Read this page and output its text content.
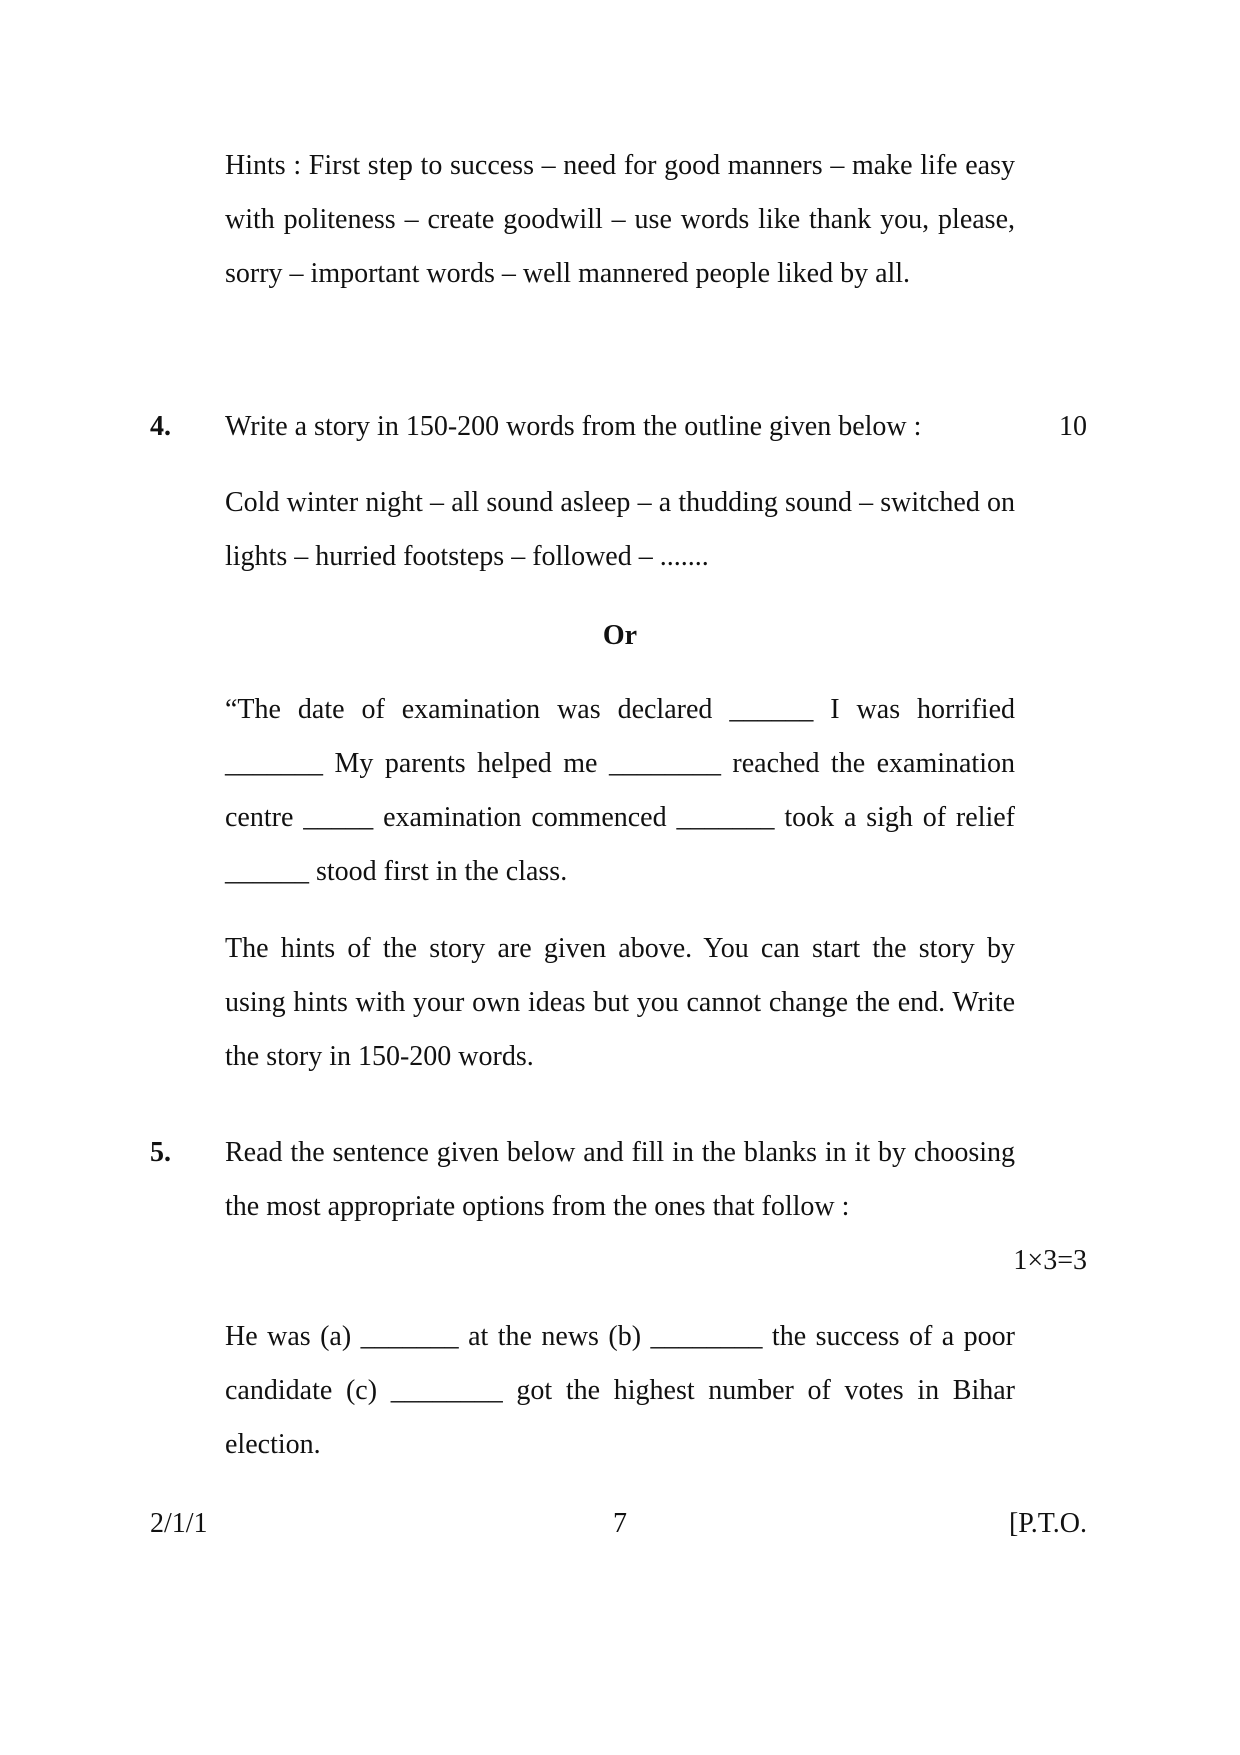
Hints : First step to success – need for good manners – make life easy with politeness – create goodwill – use words like thank you, please, sorry – important words – well mannered people liked by all.

4. Write a story in 150-200 words from the outline given below :	10

Cold winter night – all sound asleep – a thudding sound – switched on lights – hurried footsteps – followed – .......

Or

“The date of examination was declared ______ I was horrified _______ My parents helped me ________ reached the examination centre _____ examination commenced _______ took a sigh of relief ______ stood first in the class.

The hints of the story are given above. You can start the story by using hints with your own ideas but you cannot change the end. Write the story in 150-200 words.

5. Read the sentence given below and fill in the blanks in it by choosing the most appropriate options from the ones that follow :

1×3=3

He was (a) _______ at the news (b) ________ the success of a poor candidate (c) ________ got the highest number of votes in Bihar election.

2/1/1	7	[P.T.O.
